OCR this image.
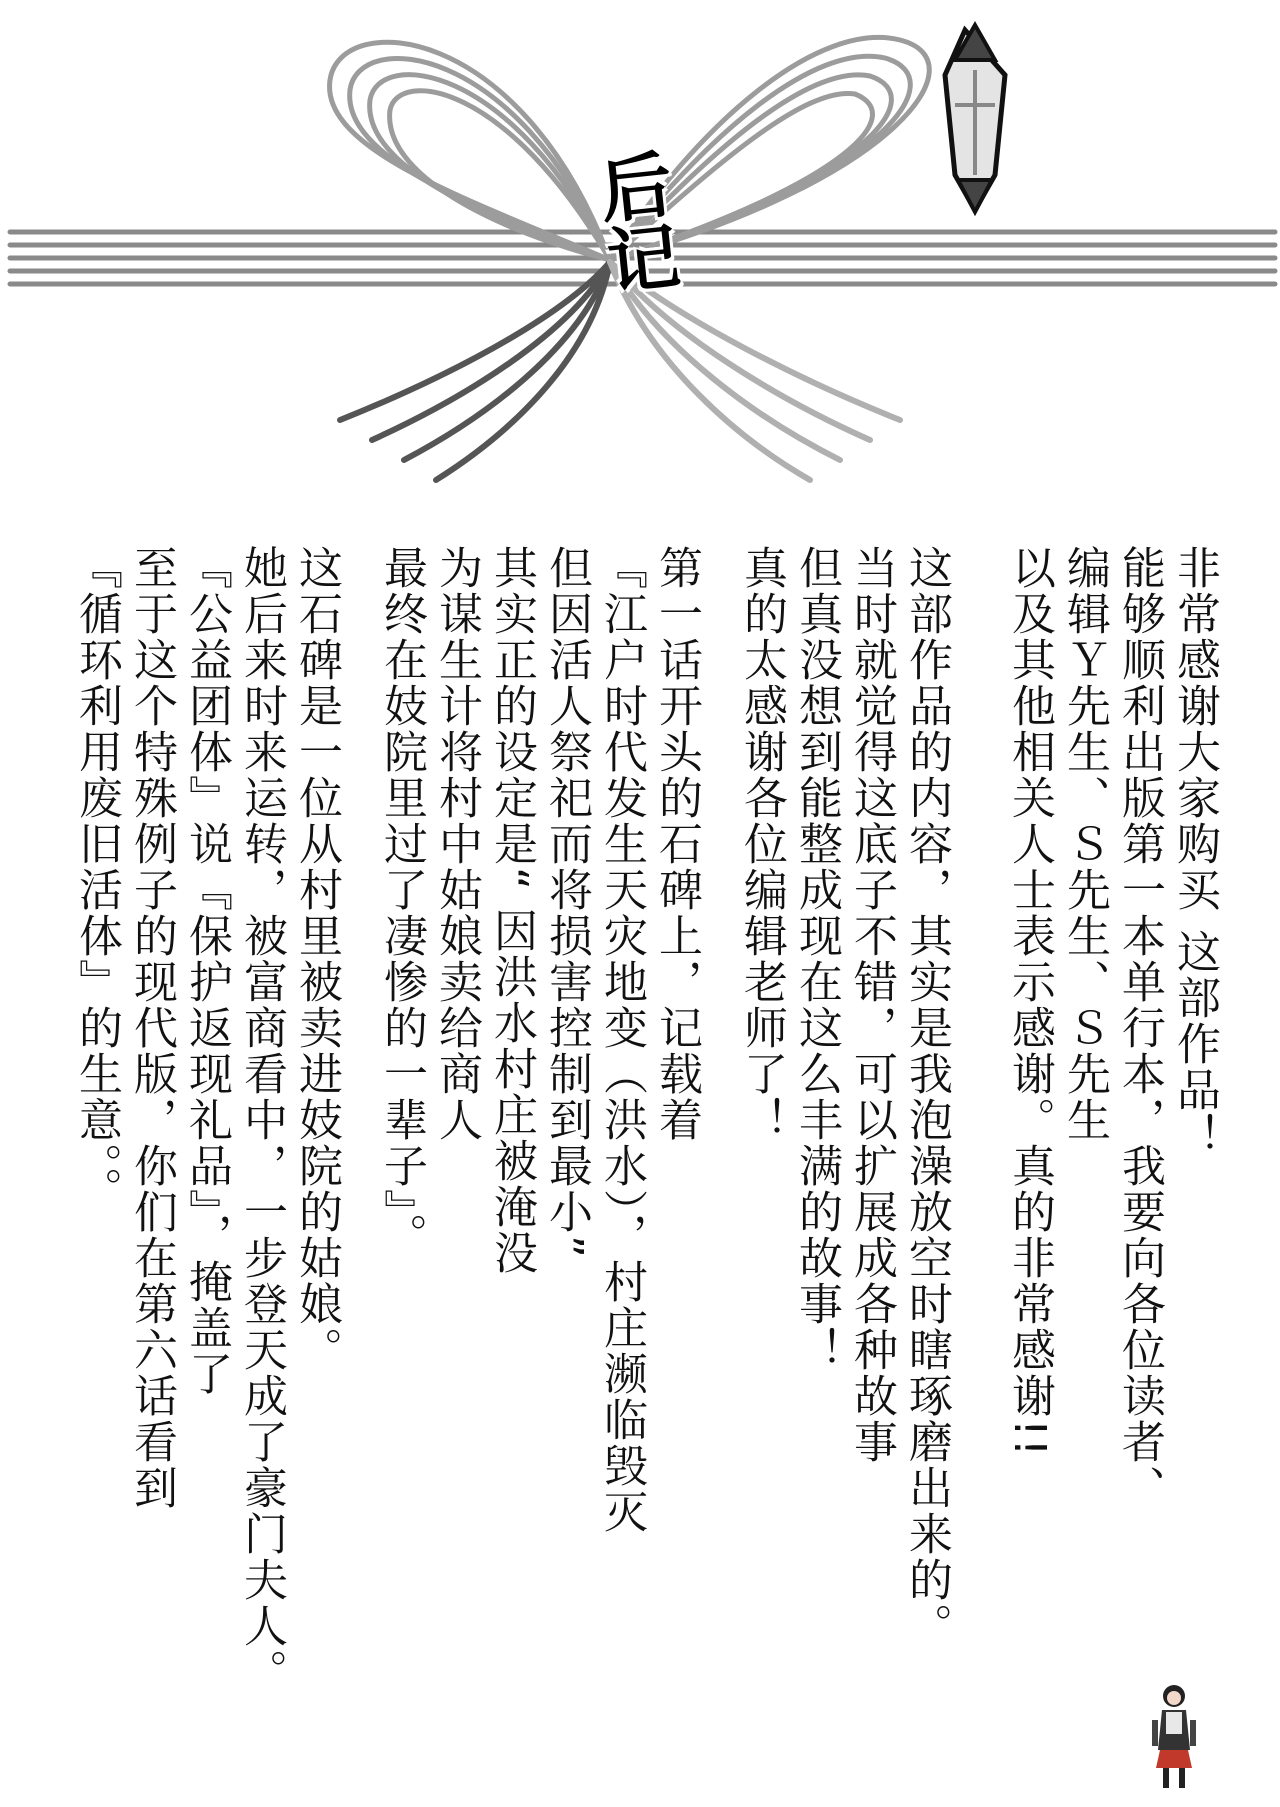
后记
非常感谢大家购买 这部作品！
能够顺利出版第一本单行本，我要向各位读者、
编辑Ｙ先生、Ｓ先生、Ｓ先生
以及其他相关人士表示感谢。真的非常感谢!!
这部作品的内容，其实是我泡澡放空时瞎琢磨出来的。
当时就觉得这底子不错，可以扩展成各种故事
但真没想到能整成现在这么丰满的故事！
真的太感谢各位编辑老师了！
第一话开头的石碑上，记载着
『江户时代发生天灾地变（洪水），村庄濒临毁灭
但因活人祭祀而将损害控制到最小”
其实正的设定是“ 因洪水村庄被淹没
为谋生计将村中姑娘卖给商人
最终在妓院里过了凄惨的一辈子』。
这石碑是一位从村里被卖进妓院的姑娘。
她后来时来运转，被富商看中，一步登天成了豪门夫人。
『公益团体』说『保护返现礼品』，掩盖了
至于这个特殊例子的现代版，你们在第六话看到
『循环利用废旧活体』的生意。。
